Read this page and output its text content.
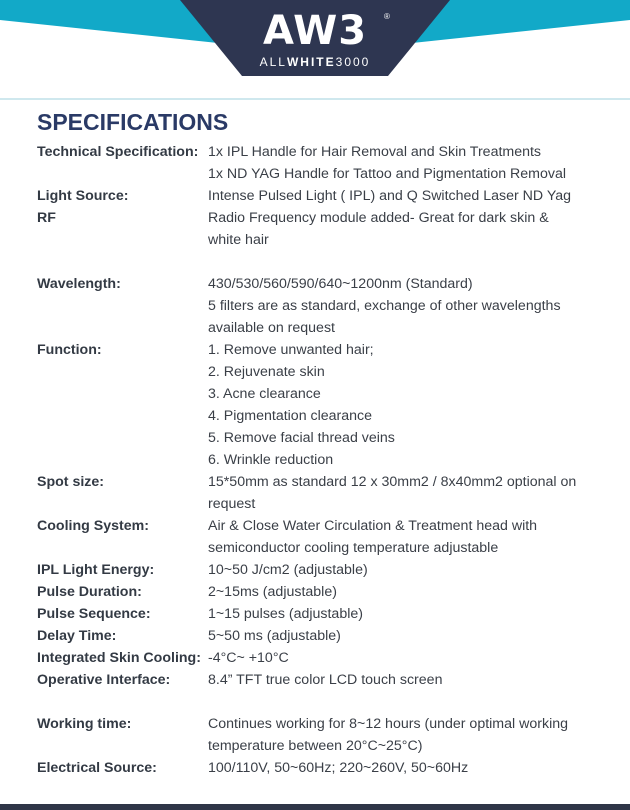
AW3	®
ALLWHITE3000
SPECIFICATIONS
Technical Specification: 1x IPL Handle for Hair Removal and Skin Treatments
1x ND YAG Handle for Tattoo and Pigmentation Removal
Light Source:	Intense Pulsed Light ( IPL) and Q Switched Laser ND Yag
RF	Radio Frequency module added- Great for dark skin &
white hair
Wavelength:	430/530/560/590/640~1200nm (Standard)
5 filters are as standard, exchange of other wavelengths
available on request
Function:	1. Remove unwanted hair;
2. Rejuvenate skin
3. Acne clearance
4. Pigmentation clearance
5. Remove facial thread veins
6. Wrinkle reduction
Spot size:	15*50mm as standard 12 x 30mm2 / 8x40mm2 optional on
request
Cooling System:	Air & Close Water Circulation & Treatment head with
semiconductor cooling temperature adjustable
IPL Light Energy:	10~50 J/cm2 (adjustable)
Pulse Duration:	2~15ms (adjustable)
Pulse Sequence:	1~15 pulses (adjustable)
Delay Time:	5~50 ms (adjustable)
Integrated Skin Cooling: -4°C~ +10°C
Operative Interface:	8.4” TFT true color LCD touch screen
Working time:	Continues working for 8~12 hours (under optimal working
temperature between 20°C~25°C)
Electrical Source:	100/110V, 50~60Hz; 220~260V, 50~60Hz
